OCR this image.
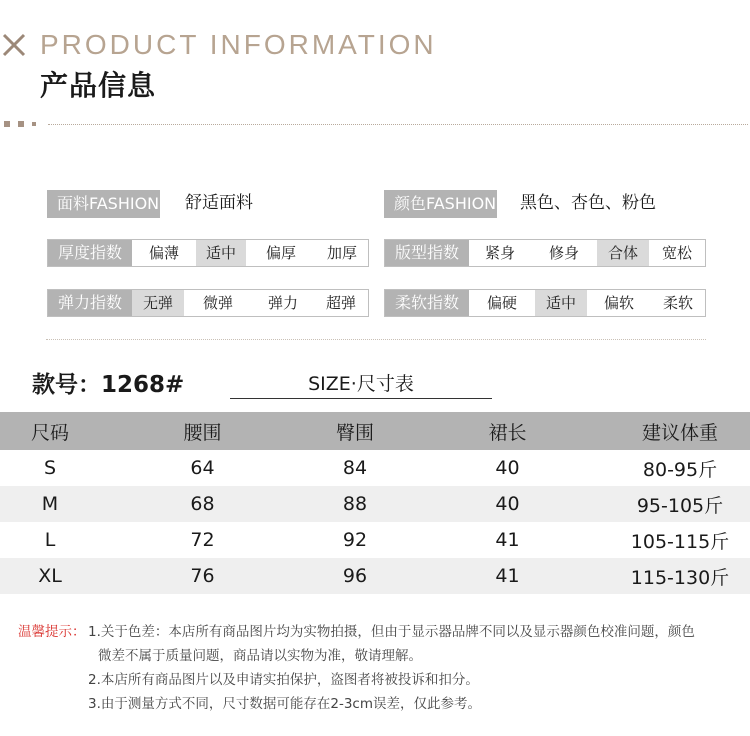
PRODUCT INFORMATION
产品信息
面料FASHION 舒适面料	颜色FASHION 黑色、杏色、粉色
厚度指数	偏薄	适中	偏厚	加厚	版型指数	紧身	修身	合体	宽松
弹力指数	无弹	微弹	弹力	超弹	柔软指数	偏硬	适中	偏软	柔软
款号：1268#	SIZE·尺寸表
尺码	腰围	臀围	裙长	建议体重
S	64	84	40	80-95斤
M	68	88	40	95-105斤
L	72	92	41	105-115斤
XL	76	96	41	115-130斤
温馨提示： 1.关于色差：本店所有商品图片均为实物拍摄，但由于显示器品牌不同以及显示器颜色校准问题，颜色
微差不属于质量问题，商品请以实物为准，敬请理解。
2.本店所有商品图片以及申请实拍保护，盗图者将被投诉和扣分。
3.由于测量方式不同，尺寸数据可能存在2-3cm误差，仅此参考。
